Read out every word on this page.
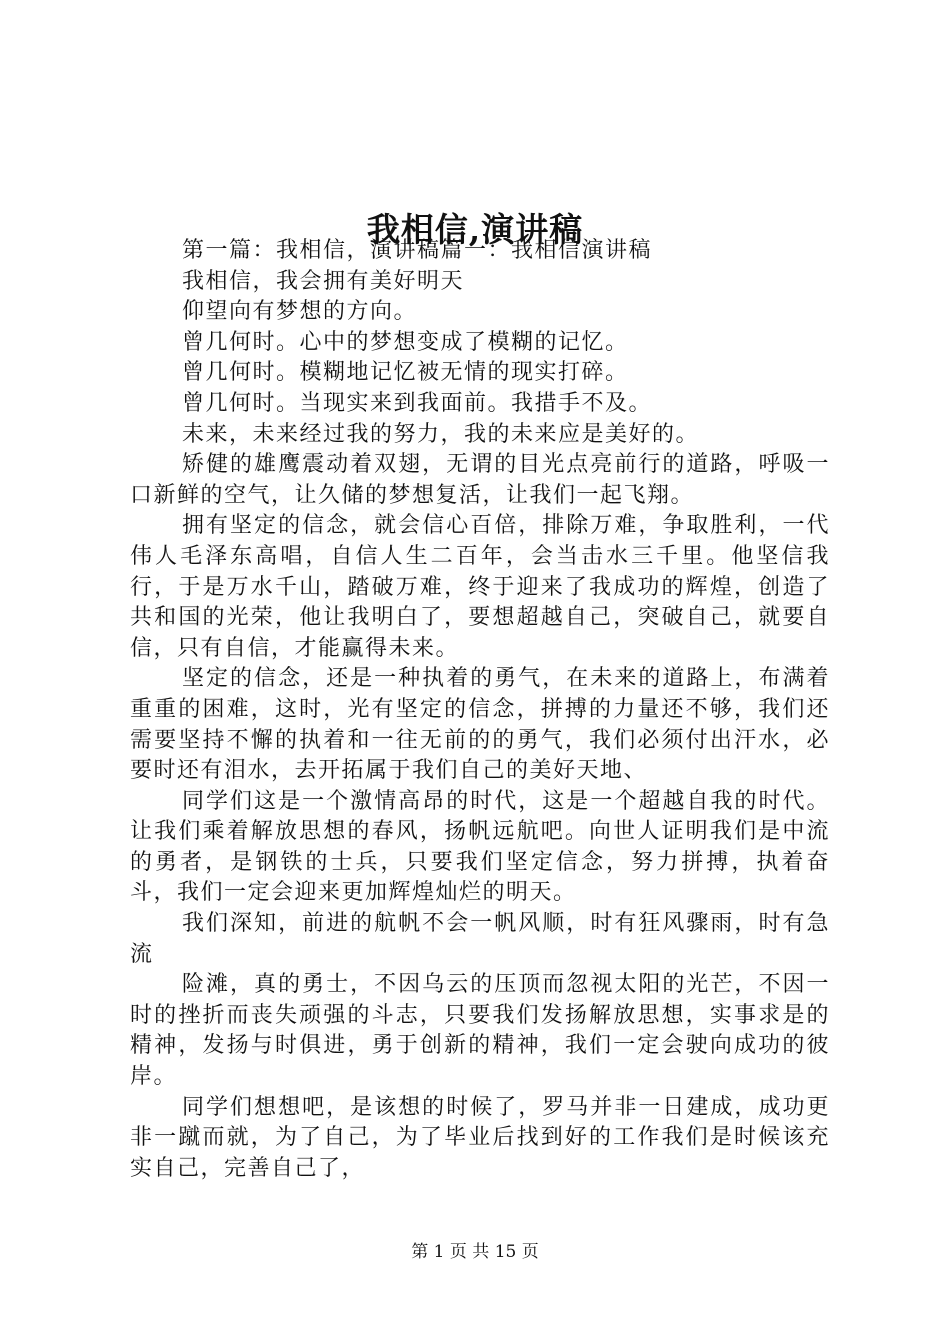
我相信,演讲稿

第一篇：我相信，演讲稿篇一：我相信演讲稿

我相信，我会拥有美好明天

仰望向有梦想的方向。

曾几何时。心中的梦想变成了模糊的记忆。

曾几何时。模糊地记忆被无情的现实打碎。

曾几何时。当现实来到我面前。我措手不及。

未来，未来经过我的努力，我的未来应是美好的。

矫健的雄鹰震动着双翅，无谓的目光点亮前行的道路，呼吸一口新鲜的空气，让久储的梦想复活，让我们一起飞翔。

拥有坚定的信念，就会信心百倍，排除万难，争取胜利，一代伟人毛泽东高唱，自信人生二百年，会当击水三千里。他坚信我行，于是万水千山，踏破万难，终于迎来了我成功的辉煌，创造了共和国的光荣，他让我明白了，要想超越自己，突破自己，就要自信，只有自信，才能赢得未来。

坚定的信念，还是一种执着的勇气，在未来的道路上，布满着重重的困难，这时，光有坚定的信念，拼搏的力量还不够，我们还需要坚持不懈的执着和一往无前的的勇气，我们必须付出汗水，必要时还有泪水，去开拓属于我们自己的美好天地、

同学们这是一个激情高昂的时代，这是一个超越自我的时代。让我们乘着解放思想的春风，扬帆远航吧。向世人证明我们是中流的勇者，是钢铁的士兵，只要我们坚定信念，努力拼搏，执着奋斗，我们一定会迎来更加辉煌灿烂的明天。

我们深知，前进的航帆不会一帆风顺，时有狂风骤雨，时有急流

险滩，真的勇士，不因乌云的压顶而忽视太阳的光芒，不因一时的挫折而丧失顽强的斗志，只要我们发扬解放思想，实事求是的精神，发扬与时俱进，勇于创新的精神，我们一定会驶向成功的彼岸。

同学们想想吧，是该想的时候了，罗马并非一日建成，成功更非一蹴而就，为了自己，为了毕业后找到好的工作我们是时候该充实自己，完善自己了，

第 1 页 共 15 页
